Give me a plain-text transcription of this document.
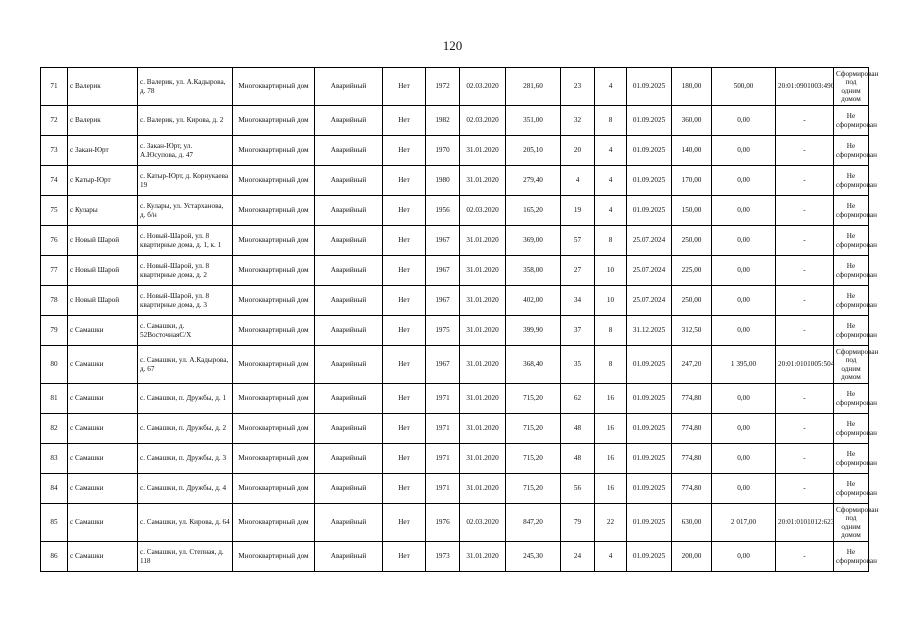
120
71	с Валерик	с. Валерик, ул. А.Кадырова, д. 78	Многоквартирный дом	Аварийный	Нет	1972	02.03.2020	281,60	23	4	01.09.2025	180,00	500,00	20:01:0901003:490	Сформирован под одним домом
72	с Валерик	с. Валерик, ул. Кирова, д. 2	Многоквартирный дом	Аварийный	Нет	1982	02.03.2020	351,00	32	8	01.09.2025	360,00	0,00	-	Не сформирован
73	с Закан-Юрт	с. Закан-Юрт, ул. А.Юсупова, д. 47	Многоквартирный дом	Аварийный	Нет	1970	31.01.2020	205,10	20	4	01.09.2025	140,00	0,00	-	Не сформирован
74	с Катыр-Юрт	с. Катыр-Юрт, д. Корнукаева 19	Многоквартирный дом	Аварийный	Нет	1980	31.01.2020	279,40	4	4	01.09.2025	170,00	0,00	-	Не сформирован
75	с Кулары	с. Кулары, ул. Устарханова, д. б/н	Многоквартирный дом	Аварийный	Нет	1956	02.03.2020	165,20	19	4	01.09.2025	150,00	0,00	-	Не сформирован
76	с Новый Шарой	с. Новый-Шарой, ул. 8 квартирные дома, д. 1, к. 1	Многоквартирный дом	Аварийный	Нет	1967	31.01.2020	369,00	57	8	25.07.2024	250,00	0,00	-	Не сформирован
77	с Новый Шарой	с. Новый-Шарой, ул. 8 квартирные дома, д. 2	Многоквартирный дом	Аварийный	Нет	1967	31.01.2020	358,00	27	10	25.07.2024	225,00	0,00	-	Не сформирован
78	с Новый Шарой	с. Новый-Шарой, ул. 8 квартирные дома, д. 3	Многоквартирный дом	Аварийный	Нет	1967	31.01.2020	402,00	34	10	25.07.2024	250,00	0,00	-	Не сформирован
79	с Самашки	с. Самашки, д. 52ВосточнаяС/Х	Многоквартирный дом	Аварийный	Нет	1975	31.01.2020	399,90	37	8	31.12.2025	312,50	0,00	-	Не сформирован
80	с Самашки	с. Самашки, ул. А.Кадырова, д. 67	Многоквартирный дом	Аварийный	Нет	1967	31.01.2020	368,40	35	8	01.09.2025	247,20	1 395,00	20:01:0101005:504	Сформирован под одним домом
81	с Самашки	с. Самашки, п. Дружбы, д. 1	Многоквартирный дом	Аварийный	Нет	1971	31.01.2020	715,20	62	16	01.09.2025	774,80	0,00	-	Не сформирован
82	с Самашки	с. Самашки, п. Дружбы, д. 2	Многоквартирный дом	Аварийный	Нет	1971	31.01.2020	715,20	48	16	01.09.2025	774,80	0,00	-	Не сформирован
83	с Самашки	с. Самашки, п. Дружбы, д. 3	Многоквартирный дом	Аварийный	Нет	1971	31.01.2020	715,20	48	16	01.09.2025	774,80	0,00	-	Не сформирован
84	с Самашки	с. Самашки, п. Дружбы, д. 4	Многоквартирный дом	Аварийный	Нет	1971	31.01.2020	715,20	56	16	01.09.2025	774,80	0,00	-	Не сформирован
85	с Самашки	с. Самашки, ул. Кирова, д. 64	Многоквартирный дом	Аварийный	Нет	1976	02.03.2020	847,20	79	22	01.09.2025	630,00	2 017,00	20:01:0101012:623	Сформирован под одним домом
86	с Самашки	с. Самашки, ул. Степная, д. 118	Многоквартирный дом	Аварийный	Нет	1973	31.01.2020	245,30	24	4	01.09.2025	200,00	0,00	-	Не сформирован
